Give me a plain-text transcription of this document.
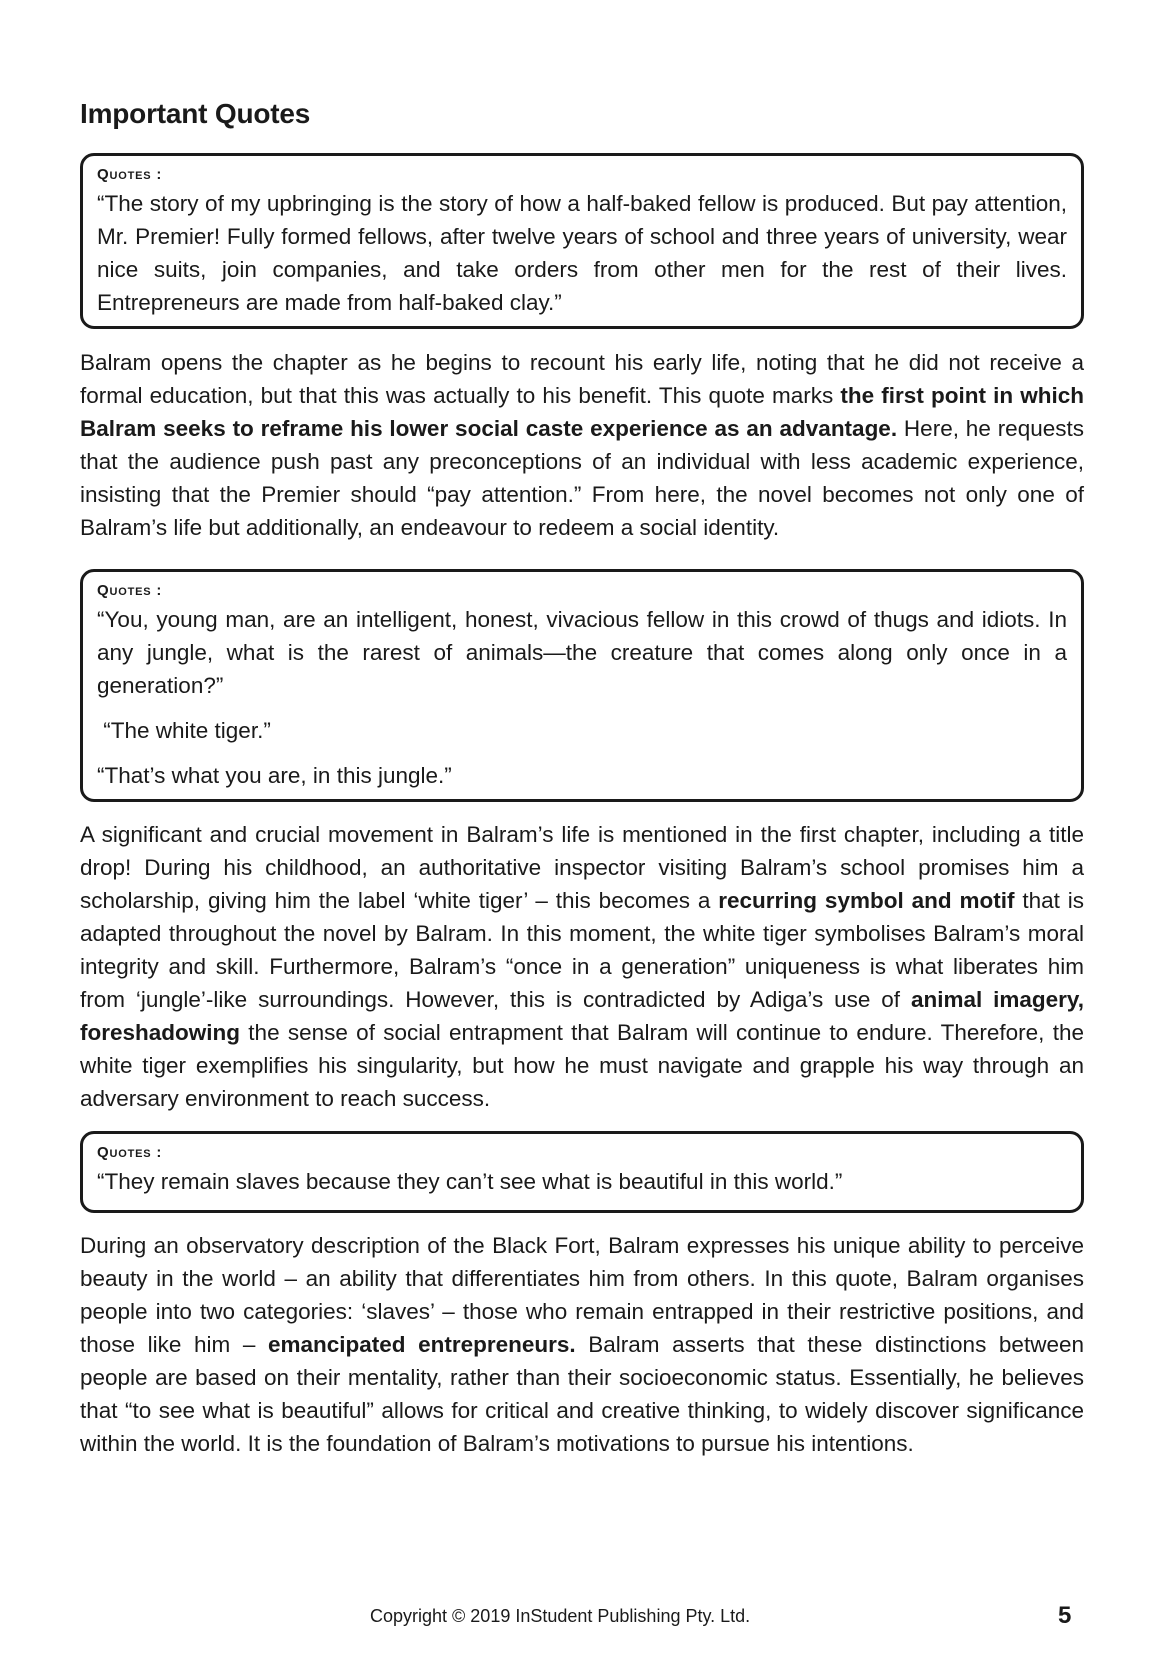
Important Quotes

Quotes :

“The story of my upbringing is the story of how a half-baked fellow is produced. But pay attention, Mr. Premier! Fully formed fellows, after twelve years of school and three years of university, wear nice suits, join companies, and take orders from other men for the rest of their lives. Entrepreneurs are made from half-baked clay.”

Balram opens the chapter as he begins to recount his early life, noting that he did not receive a formal education, but that this was actually to his benefit. This quote marks the first point in which Balram seeks to reframe his lower social caste experience as an advantage. Here, he requests that the audience push past any preconceptions of an individual with less academic experience, insisting that the Premier should “pay attention.” From here, the novel becomes not only one of Balram’s life but additionally, an endeavour to redeem a social identity.

Quotes :

“You, young man, are an intelligent, honest, vivacious fellow in this crowd of thugs and idiots. In any jungle, what is the rarest of animals—the creature that comes along only once in a generation?”

“The white tiger.”

“That’s what you are, in this jungle.”

A significant and crucial movement in Balram’s life is mentioned in the first chapter, including a title drop! During his childhood, an authoritative inspector visiting Balram’s school promises him a scholarship, giving him the label ‘white tiger’ – this becomes a recurring symbol and motif that is adapted throughout the novel by Balram. In this moment, the white tiger symbolises Balram’s moral integrity and skill. Furthermore, Balram’s “once in a generation” uniqueness is what liberates him from ‘jungle’-like surroundings. However, this is contradicted by Adiga’s use of animal imagery, foreshadowing the sense of social entrapment that Balram will continue to endure. Therefore, the white tiger exemplifies his singularity, but how he must navigate and grapple his way through an adversary environment to reach success.

Quotes :

“They remain slaves because they can’t see what is beautiful in this world.”

During an observatory description of the Black Fort, Balram expresses his unique ability to perceive beauty in the world – an ability that differentiates him from others. In this quote, Balram organises people into two categories: ‘slaves’ – those who remain entrapped in their restrictive positions, and those like him – emancipated entrepreneurs. Balram asserts that these distinctions between people are based on their mentality, rather than their socioeconomic status. Essentially, he believes that “to see what is beautiful” allows for critical and creative thinking, to widely discover significance within the world. It is the foundation of Balram’s motivations to pursue his intentions.

Copyright © 2019 InStudent Publishing Pty. Ltd.	5
